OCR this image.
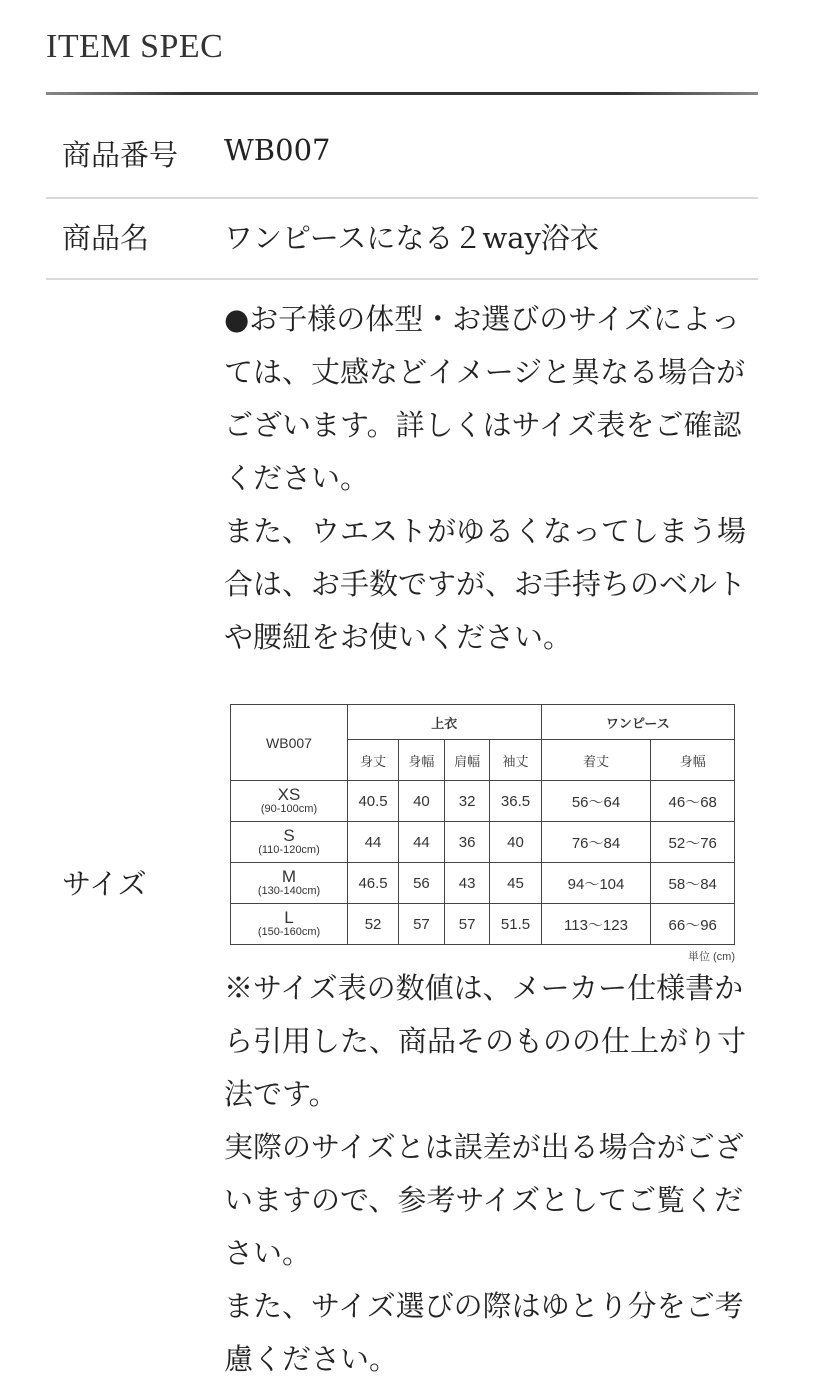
ITEM SPEC
商品番号 WB007
商品名	ワンピースになる２way浴衣
サイズ
●お子様の体型・お選びのサイズによっては、丈感などイメージと異なる場合がございます。詳しくはサイズ表をご確認ください。
また、ウエストがゆるくなってしまう場合は、お手数ですが、お手持ちのベルトや腰紐をお使いください。
WB007	上衣				ワンピース	
	身丈	身幅	肩幅	袖丈	着丈	身幅

XS
(90-100cm)	40.5	40	32	36.5	56〜64	46〜68

S
(110-120cm)	44	44	36	40	76〜84	52〜76

M
(130-140cm)	46.5	56	43	45	94〜104	58〜84

L
(150-160cm)	52	57	57	51.5	113〜123	66〜96
単位 (cm)
※サイズ表の数値は、メーカー仕様書から引用した、商品そのものの仕上がり寸法です。
実際のサイズとは誤差が出る場合がございますので、参考サイズとしてご覧ください。
また、サイズ選びの際はゆとり分をご考慮ください。
